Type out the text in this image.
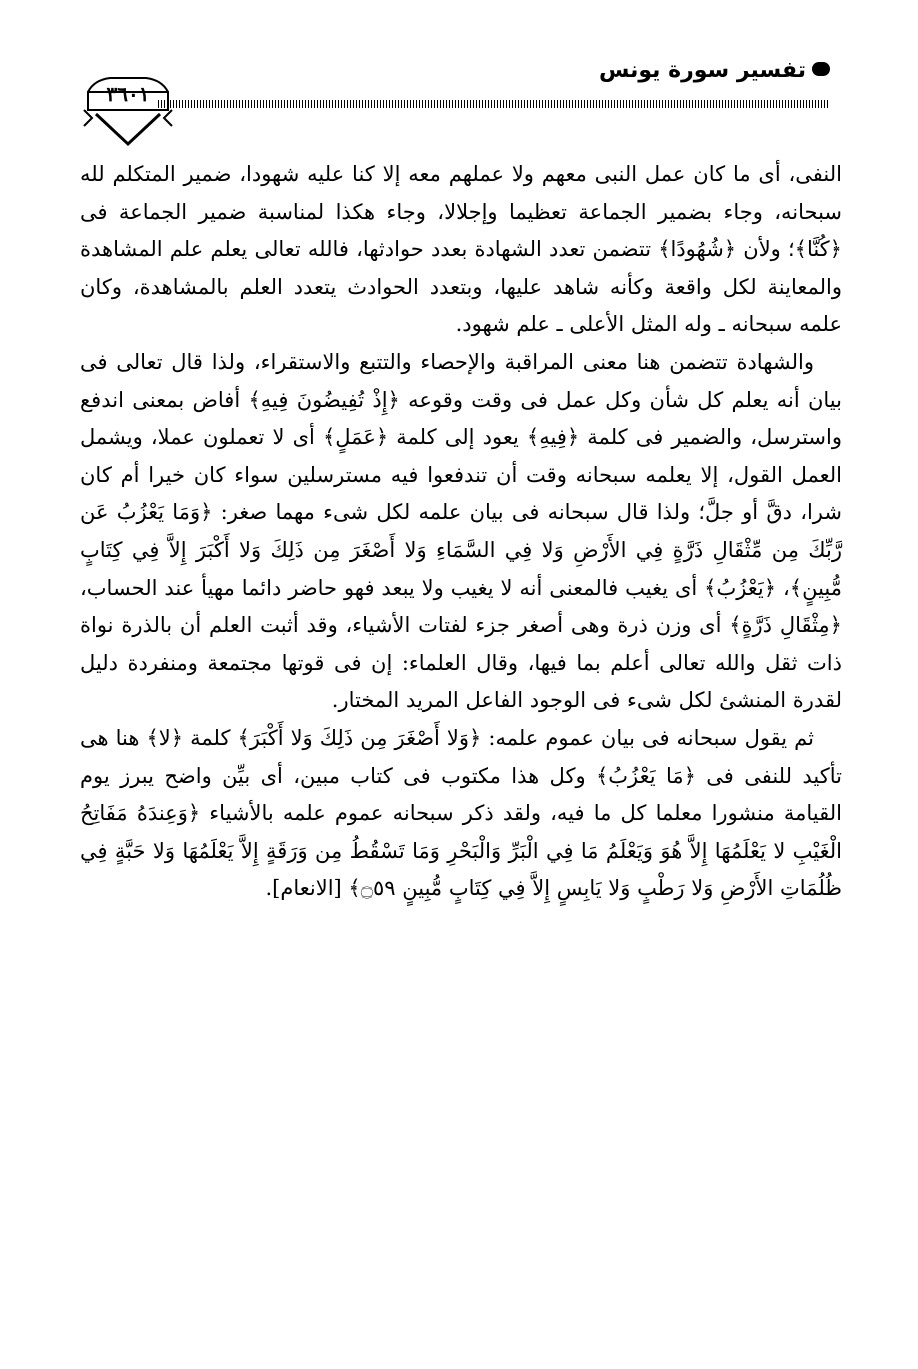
تفسير سورة يونس
٣٦٠١

النفى، أى ما كان عمل النبى معهم ولا عملهم معه إلا كنا عليه شهودا، ضمير المتكلم لله سبحانه، وجاء بضمير الجماعة تعظيما وإجلالا، وجاء هكذا لمناسبة ضمير الجماعة فى ﴿كُنَّا﴾؛ ولأن ﴿شُهُودًا﴾ تتضمن تعدد الشهادة بعدد حوادثها، فالله تعالى يعلم علم المشاهدة والمعاينة لكل واقعة وكأنه شاهد عليها، وبتعدد الحوادث يتعدد العلم بالمشاهدة، وكان علمه سبحانه ـ وله المثل الأعلى ـ علم شهود.

والشهادة تتضمن هنا معنى المراقبة والإحصاء والتتبع والاستقراء، ولذا قال تعالى فى بيان أنه يعلم كل شأن وكل عمل فى وقت وقوعه ﴿إِذْ تُفِيضُونَ فِيهِ﴾ أفاض بمعنى اندفع واسترسل، والضمير فى كلمة ﴿فِيهِ﴾ يعود إلى كلمة ﴿عَمَلٍ﴾ أى لا تعملون عملا، ويشمل العمل القول، إلا يعلمه سبحانه وقت أن تندفعوا فيه مسترسلين سواء كان خيرا أم كان شرا، دقَّ أو جلَّ؛ ولذا قال سبحانه فى بيان علمه لكل شىء مهما صغر: ﴿وَمَا يَعْزُبُ عَن رَّبِّكَ مِن مِّثْقَالِ ذَرَّةٍ فِي الأَرْضِ وَلا فِي السَّمَاءِ وَلا أَصْغَرَ مِن ذَلِكَ وَلا أَكْبَرَ إِلاَّ فِي كِتَابٍ مُّبِينٍ﴾، ﴿يَعْزُبُ﴾ أى يغيب فالمعنى أنه لا يغيب ولا يبعد فهو حاضر دائما مهيأ عند الحساب، ﴿مِثْقَالِ ذَرَّةٍ﴾ أى وزن ذرة وهى أصغر جزء لفتات الأشياء، وقد أثبت العلم أن بالذرة نواة ذات ثقل والله تعالى أعلم بما فيها، وقال العلماء: إن فى قوتها مجتمعة ومنفردة دليل لقدرة المنشئ لكل شىء فى الوجود الفاعل المريد المختار.

ثم يقول سبحانه فى بيان عموم علمه: ﴿وَلا أَصْغَرَ مِن ذَلِكَ وَلا أَكْبَرَ﴾ كلمة ﴿لا﴾ هنا هى تأكيد للنفى فى ﴿مَا يَعْزُبُ﴾ وكل هذا مكتوب فى كتاب مبين، أى بيِّن واضح يبرز يوم القيامة منشورا معلما كل ما فيه، ولقد ذكر سبحانه عموم علمه بالأشياء ﴿وَعِندَهُ مَفَاتِحُ الْغَيْبِ لا يَعْلَمُهَا إِلاَّ هُوَ وَيَعْلَمُ مَا فِي الْبَرِّ وَالْبَحْرِ وَمَا تَسْقُطُ مِن وَرَقَةٍ إِلاَّ يَعْلَمُهَا وَلا حَبَّةٍ فِي ظُلُمَاتِ الأَرْضِ وَلا رَطْبٍ وَلا يَابِسٍ إِلاَّ فِي كِتَابٍ مُّبِينٍ ۝٥٩﴾ [الانعام].
